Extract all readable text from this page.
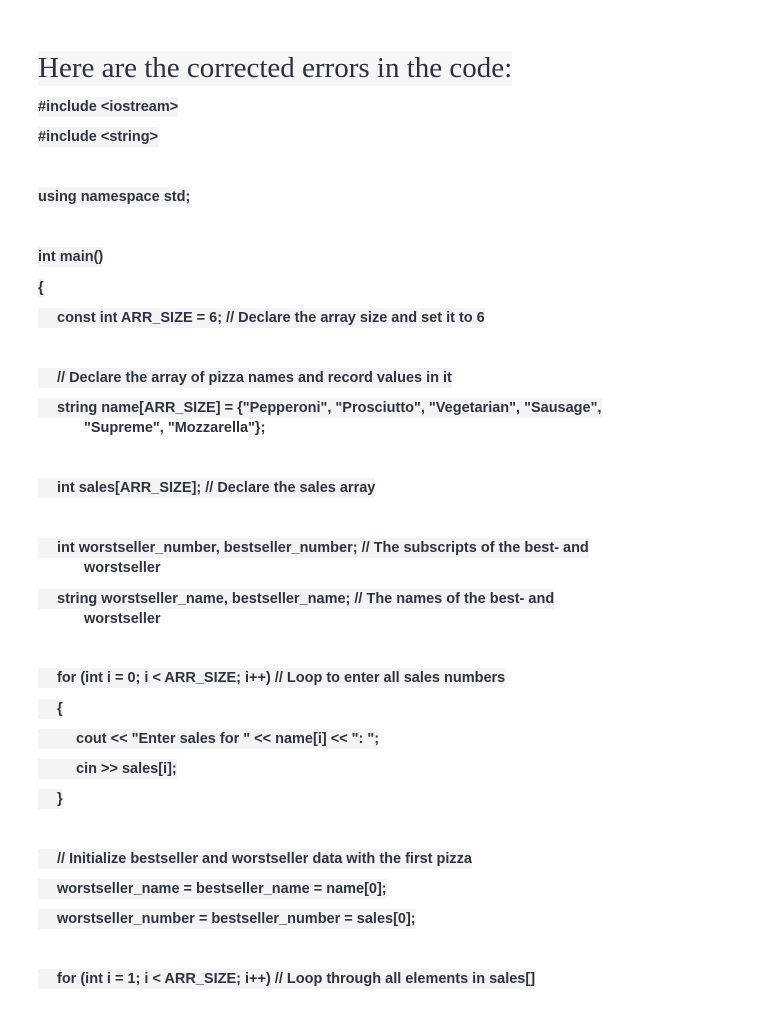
Here are the corrected errors in the code:
#include <iostream>
#include <string>
using namespace std;
int main()
{
const int ARR_SIZE = 6; // Declare the array size and set it to 6
// Declare the array of pizza names and record values in it
string name[ARR_SIZE] = {"Pepperoni", "Prosciutto", "Vegetarian", "Sausage",
"Supreme", "Mozzarella"};
int sales[ARR_SIZE]; // Declare the sales array
int worstseller_number, bestseller_number; // The subscripts of the best- and
worstseller
string worstseller_name, bestseller_name; // The names of the best- and
worstseller
for (int i = 0; i < ARR_SIZE; i++) // Loop to enter all sales numbers
{
cout << "Enter sales for " << name[i] << ": ";
cin >> sales[i];
}
// Initialize bestseller and worstseller data with the first pizza
worstseller_name = bestseller_name = name[0];
worstseller_number = bestseller_number = sales[0];
for (int i = 1; i < ARR_SIZE; i++) // Loop through all elements in sales[]
